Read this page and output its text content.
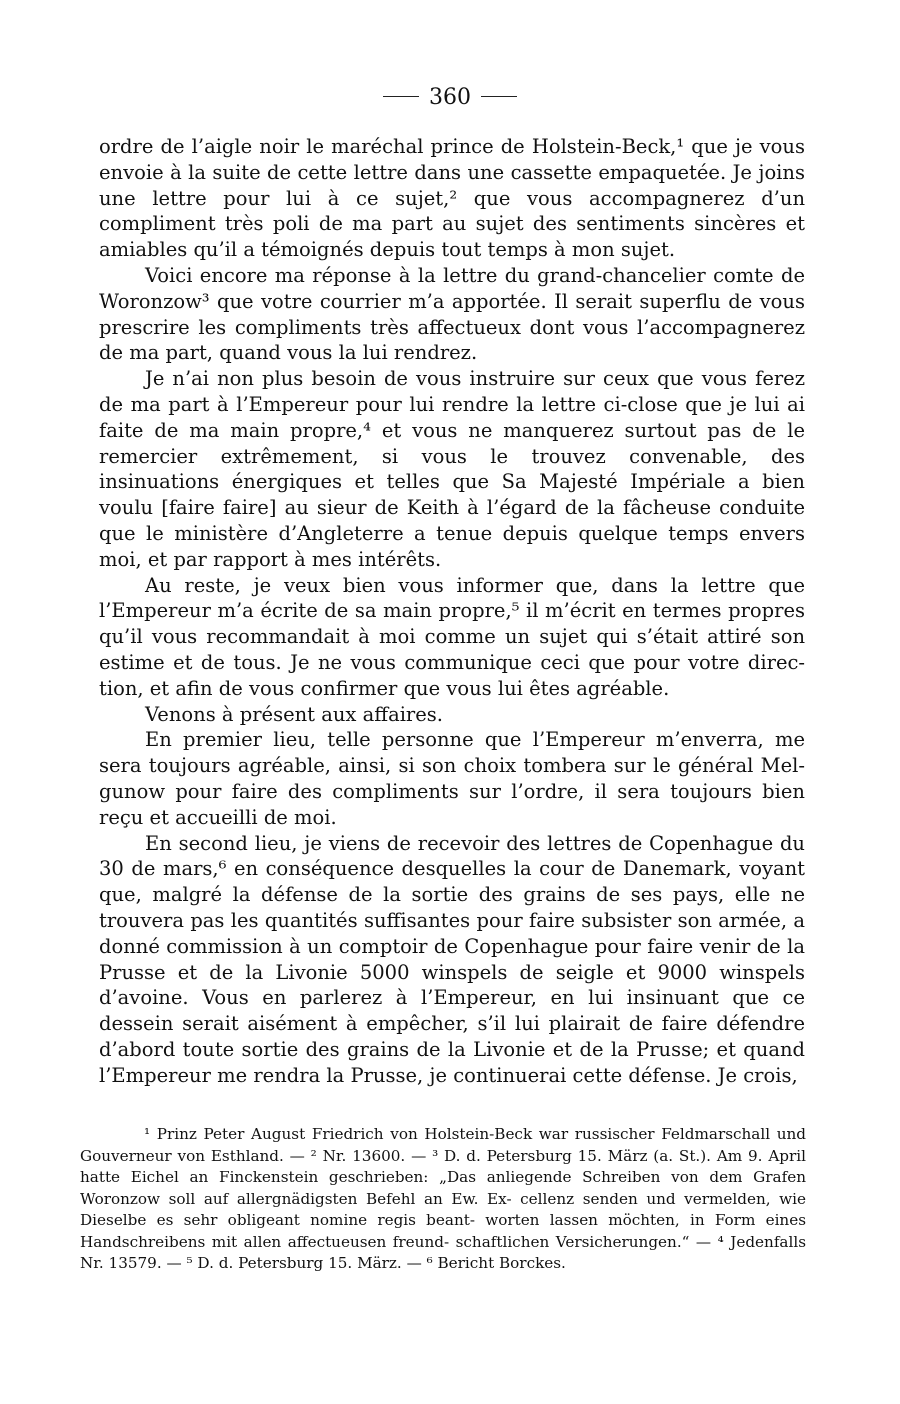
360

ordre de l’aigle noir le maréchal prince de Holstein-Beck,¹ que je vous envoie à la suite de cette lettre dans une cassette empaquetée. Je joins une lettre pour lui à ce sujet,² que vous accompagnerez d’un compliment très poli de ma part au sujet des sentiments sincères et amiables qu’il a témoignés depuis tout temps à mon sujet.

Voici encore ma réponse à la lettre du grand-chancelier comte de Woronzow³ que votre courrier m’a apportée. Il serait superflu de vous prescrire les compliments très affectueux dont vous l’accompagnerez de ma part, quand vous la lui rendrez.

Je n’ai non plus besoin de vous instruire sur ceux que vous ferez de ma part à l’Empereur pour lui rendre la lettre ci-close que je lui ai faite de ma main propre,⁴ et vous ne manquerez surtout pas de le remercier extrêmement, si vous le trouvez convenable, des insinuations énergiques et telles que Sa Majesté Impériale a bien voulu [faire faire] au sieur de Keith à l’égard de la fâcheuse conduite que le ministère d’Angleterre a tenue depuis quelque temps envers moi, et par rapport à mes intérêts.

Au reste, je veux bien vous informer que, dans la lettre que l’Empereur m’a écrite de sa main propre,⁵ il m’écrit en termes propres qu’il vous recommandait à moi comme un sujet qui s’était attiré son estime et de tous. Je ne vous communique ceci que pour votre direc- tion, et afin de vous confirmer que vous lui êtes agréable.

Venons à présent aux affaires.

En premier lieu, telle personne que l’Empereur m’enverra, me sera toujours agréable, ainsi, si son choix tombera sur le général Mel- gunow pour faire des compliments sur l’ordre, il sera toujours bien reçu et accueilli de moi.

En second lieu, je viens de recevoir des lettres de Copenhague du 30 de mars,⁶ en conséquence desquelles la cour de Danemark, voyant que, malgré la défense de la sortie des grains de ses pays, elle ne trouvera pas les quantités suffisantes pour faire subsister son armée, a donné commission à un comptoir de Copenhague pour faire venir de la Prusse et de la Livonie 5000 winspels de seigle et 9000 winspels d’avoine. Vous en parlerez à l’Empereur, en lui insinuant que ce dessein serait aisément à empêcher, s’il lui plairait de faire défendre d’abord toute sortie des grains de la Livonie et de la Prusse; et quand l’Empereur me rendra la Prusse, je continuerai cette défense. Je crois,

¹ Prinz Peter August Friedrich von Holstein-Beck war russischer Feldmarschall und Gouverneur von Esthland. — ² Nr. 13600. — ³ D. d. Petersburg 15. März (a. St.). Am 9. April hatte Eichel an Finckenstein geschrieben: „Das anliegende Schreiben von dem Grafen Woronzow soll auf allergnädigsten Befehl an Ew. Ex- cellenz senden und vermelden, wie Dieselbe es sehr obligeant nomine regis beant- worten lassen möchten, in Form eines Handschreibens mit allen affectueusen freund- schaftlichen Versicherungen.“ — ⁴ Jedenfalls Nr. 13579. — ⁵ D. d. Petersburg 15. März. — ⁶ Bericht Borckes.
